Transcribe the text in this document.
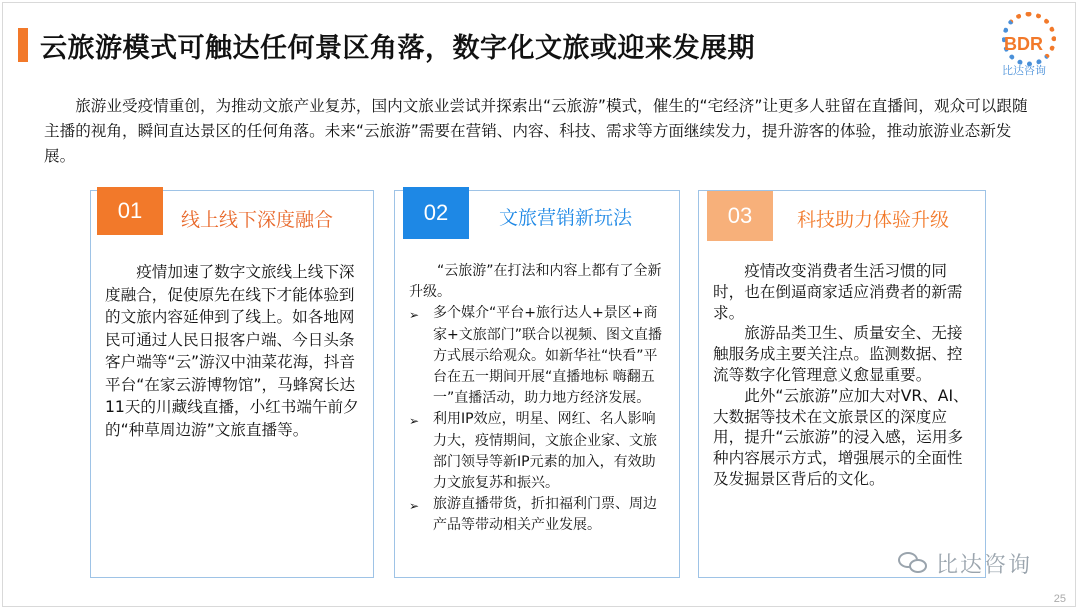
云旅游模式可触达任何景区角落，数字化文旅或迎来发展期	BDR
比达咨询
旅游业受疫情重创，为推动文旅产业复苏，国内文旅业尝试并探索出“云旅游”模式，催生的“宅经济”让更多人驻留在直播间，观众可以跟随主播的视角，瞬间直达景区的任何角落。未来“云旅游”需要在营销、内容、科技、需求等方面继续发力，提升游客的体验，推动旅游业态新发展。
01	线上线下深度融合

疫情加速了数字文旅线上线下深度融合，促使原先在线下才能体验到的文旅内容延伸到了线上。如各地网民可通过人民日报客户端、今日头条客户端等“云”游汉中油菜花海，抖音平台“在家云游博物馆”，马蜂窝长达11天的川藏线直播，小红书端午前夕的“种草周边游”文旅直播等。

02	文旅营销新玩法

“云旅游”在打法和内容上都有了全新升级。

➢ 多个媒介“平台+旅行达人+景区+商家+文旅部门”联合以视频、图文直播方式展示给观众。如新华社“快看”平台在五一期间开展“直播地标 嗨翻五一”直播活动，助力地方经济发展。
➢ 利用IP效应，明星、网红、名人影响力大，疫情期间，文旅企业家、文旅部门领导等新IP元素的加入，有效助力文旅复苏和振兴。
➢ 旅游直播带货，折扣福利门票、周边产品等带动相关产业发展。
03	科技助力体验升级

疫情改变消费者生活习惯的同时，也在倒逼商家适应消费者的新需求。

旅游品类卫生、质量安全、无接触服务成主要关注点。监测数据、控流等数字化管理意义愈显重要。

此外“云旅游”应加大对VR、AI、大数据等技术在文旅景区的深度应用，提升“云旅游”的浸入感，运用多种内容展示方式，增强展示的全面性及发掘景区背后的文化。

比达咨询
25
